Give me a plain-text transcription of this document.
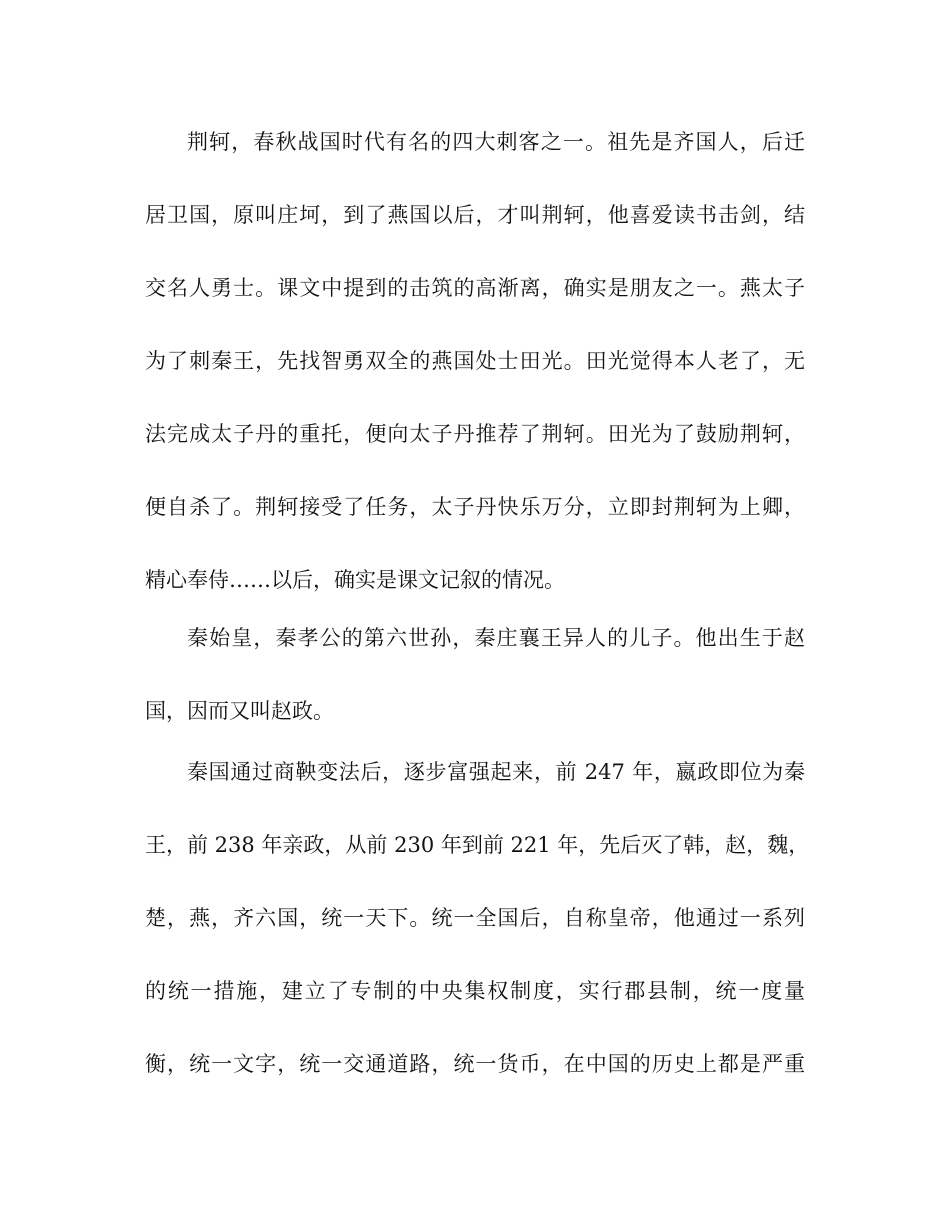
荆轲，春秋战国时代有名的四大刺客之一。祖先是齐国人，后迁
居卫国，原叫庄坷，到了燕国以后，才叫荆轲，他喜爱读书击剑，结
交名人勇士。课文中提到的击筑的高渐离，确实是朋友之一。燕太子
为了刺秦王，先找智勇双全的燕国处士田光。田光觉得本人老了，无
法完成太子丹的重托，便向太子丹推荐了荆轲。田光为了鼓励荆轲，
便自杀了。荆轲接受了任务，太子丹快乐万分，立即封荆轲为上卿，
精心奉侍……以后，确实是课文记叙的情况。
秦始皇，秦孝公的第六世孙，秦庄襄王异人的儿子。他出生于赵
国，因而又叫赵政。
秦国通过商鞅变法后，逐步富强起来，前 247 年，嬴政即位为秦
王，前 238 年亲政，从前 230 年到前 221 年，先后灭了韩，赵，魏，
楚，燕，齐六国，统一天下。统一全国后，自称皇帝，他通过一系列
的统一措施，建立了专制的中央集权制度，实行郡县制，统一度量
衡，统一文字，统一交通道路，统一货币，在中国的历史上都是严重
